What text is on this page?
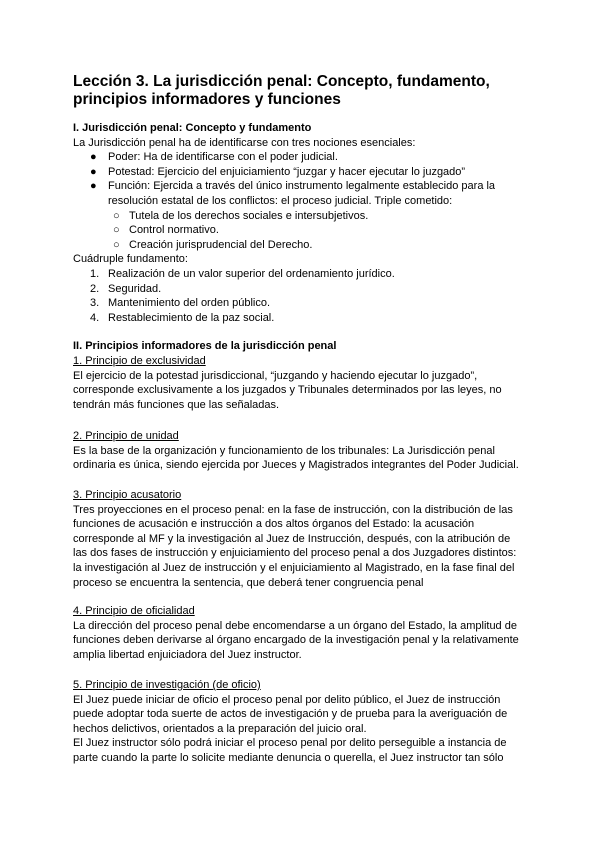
Lección 3. La jurisdicción penal: Concepto, fundamento, principios informadores y funciones
I. Jurisdicción penal: Concepto y fundamento
La Jurisdicción penal ha de identificarse con tres nociones esenciales:
● Poder: Ha de identificarse con el poder judicial.
● Potestad: Ejercicio del enjuiciamiento “juzgar y hacer ejecutar lo juzgado”
● Función: Ejercida a través del único instrumento legalmente establecido para la
resolución estatal de los conflictos: el proceso judicial. Triple cometido:
○ Tutela de los derechos sociales e intersubjetivos.
○ Control normativo.
○ Creación jurisprudencial del Derecho.
Cuádruple fundamento:
1. Realización de un valor superior del ordenamiento jurídico.
2. Seguridad.
3. Mantenimiento del orden público.
4. Restablecimiento de la paz social.
II. Principios informadores de la jurisdicción penal
1. Principio de exclusividad
El ejercicio de la potestad jurisdiccional, “juzgando y haciendo ejecutar lo juzgado”,
corresponde exclusivamente a los juzgados y Tribunales determinados por las leyes, no
tendrán más funciones que las señaladas.
2. Principio de unidad
Es la base de la organización y funcionamiento de los tribunales: La Jurisdicción penal
ordinaria es única, siendo ejercida por Jueces y Magistrados integrantes del Poder Judicial.
3. Principio acusatorio
Tres proyecciones en el proceso penal: en la fase de instrucción, con la distribución de las
funciones de acusación e instrucción a dos altos órganos del Estado: la acusación
corresponde al MF y la investigación al Juez de Instrucción, después, con la atribución de
las dos fases de instrucción y enjuiciamiento del proceso penal a dos Juzgadores distintos:
la investigación al Juez de instrucción y el enjuiciamiento al Magistrado, en la fase final del
proceso se encuentra la sentencia, que deberá tener congruencia penal
4. Principio de oficialidad
La dirección del proceso penal debe encomendarse a un órgano del Estado, la amplitud de
funciones deben derivarse al órgano encargado de la investigación penal y la relativamente
amplia libertad enjuiciadora del Juez instructor.
5. Principio de investigación (de oficio)
El Juez puede iniciar de oficio el proceso penal por delito público, el Juez de instrucción
puede adoptar toda suerte de actos de investigación y de prueba para la averiguación de
hechos delictivos, orientados a la preparación del juicio oral.
El Juez instructor sólo podrá iniciar el proceso penal por delito perseguible a instancia de
parte cuando la parte lo solicite mediante denuncia o querella, el Juez instructor tan sólo
